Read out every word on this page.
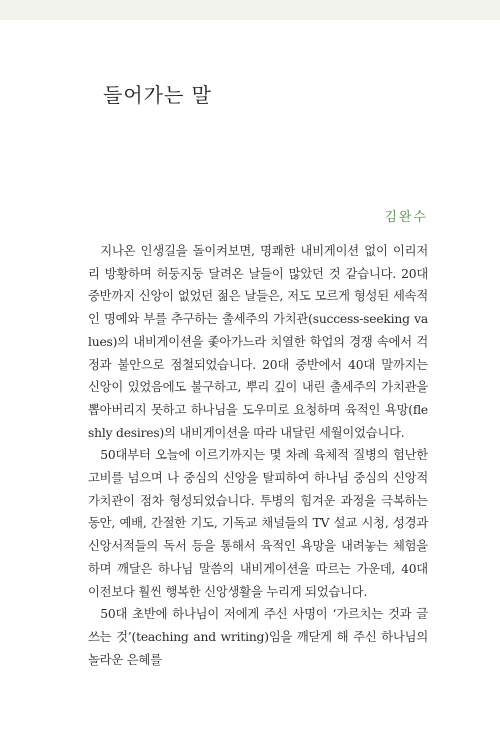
들어가는 말
김완수

지나온 인생길을 돌이켜보면, 명쾌한 내비게이션 없이 이리저리 방황하며 허둥지둥 달려온 날들이 많았던 것 같습니다. 20대 중반까지 신앙이 없었던 젊은 날들은, 저도 모르게 형성된 세속적인 명예와 부를 추구하는 출세주의 가치관(success-seeking values)의 내비게이션을 좇아가느라 치열한 학업의 경쟁 속에서 걱정과 불안으로 점철되었습니다. 20대 중반에서 40대 말까지는 신앙이 있었음에도 불구하고, 뿌리 깊이 내린 출세주의 가치관을 뽑아버리지 못하고 하나님을 도우미로 요청하며 육적인 욕망(fleshly desires)의 내비게이션을 따라 내달린 세월이었습니다.

50대부터 오늘에 이르기까지는 몇 차례 육체적 질병의 험난한 고비를 넘으며 나 중심의 신앙을 탈피하여 하나님 중심의 신앙적 가치관이 점차 형성되었습니다. 투병의 힘겨운 과정을 극복하는 동안, 예배, 간절한 기도, 기독교 채널들의 TV 설교 시청, 성경과 신앙서적들의 독서 등을 통해서 육적인 욕망을 내려놓는 체험을 하며 깨달은 하나님 말씀의 내비게이션을 따르는 가운데, 40대 이전보다 훨씬 행복한 신앙생활을 누리게 되었습니다.

50대 초반에 하나님이 저에게 주신 사명이 ‘가르치는 것과 글 쓰는 것’(teaching and writing)임을 깨닫게 해 주신 하나님의 놀라운 은혜를
